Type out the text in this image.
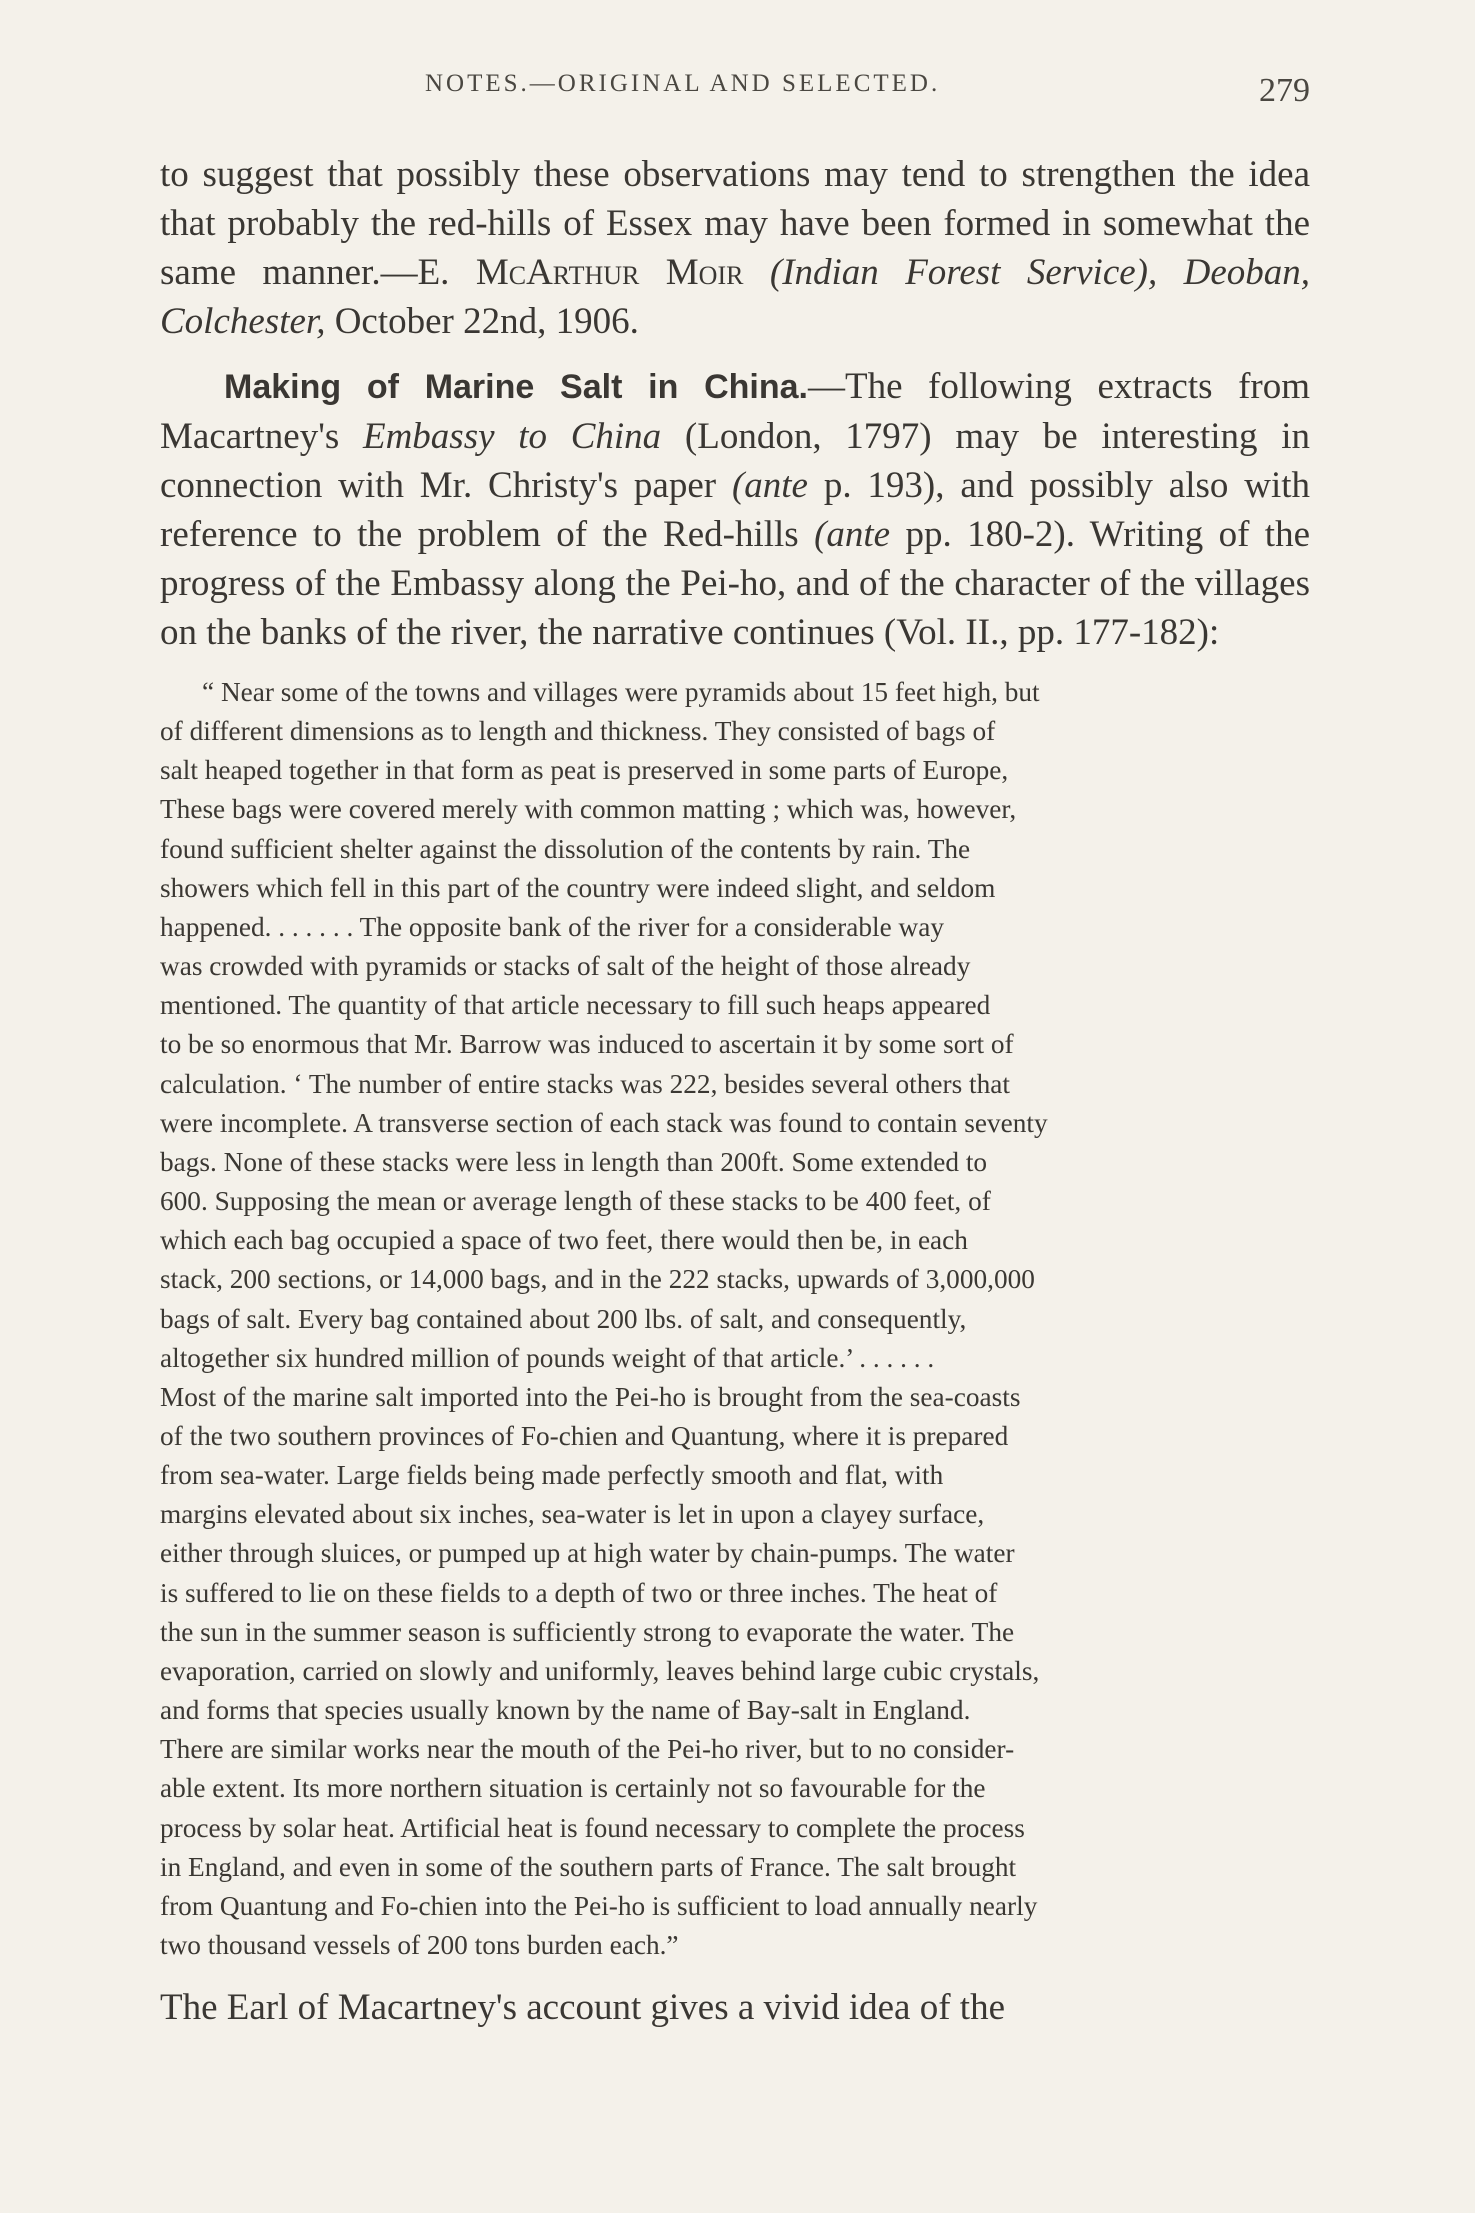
NOTES.—ORIGINAL AND SELECTED.	279

to suggest that possibly these observations may tend to strengthen the idea that probably the red-hills of Essex may have been formed in somewhat the same manner.—E. McArthur Moir (Indian Forest Service), Deoban, Colchester, October 22nd, 1906.

Making of Marine Salt in China.—The following extracts from Macartney's Embassy to China (London, 1797) may be interesting in connection with Mr. Christy's paper (ante p. 193), and possibly also with reference to the problem of the Red-hills (ante pp. 180-2). Writing of the progress of the Embassy along the Pei-ho, and of the character of the villages on the banks of the river, the narrative continues (Vol. II., pp. 177-182):

“ Near some of the towns and villages were pyramids about 15 feet high, but
of different dimensions as to length and thickness. They consisted of bags of
salt heaped together in that form as peat is preserved in some parts of Europe,
These bags were covered merely with common matting ; which was, however,
found sufficient shelter against the dissolution of the contents by rain. The
showers which fell in this part of the country were indeed slight, and seldom
happened. . . . . . . The opposite bank of the river for a considerable way
was crowded with pyramids or stacks of salt of the height of those already
mentioned. The quantity of that article necessary to fill such heaps appeared
to be so enormous that Mr. Barrow was induced to ascertain it by some sort of
calculation. ‘ The number of entire stacks was 222, besides several others that
were incomplete. A transverse section of each stack was found to contain seventy
bags. None of these stacks were less in length than 200ft. Some extended to
600. Supposing the mean or average length of these stacks to be 400 feet, of
which each bag occupied a space of two feet, there would then be, in each
stack, 200 sections, or 14,000 bags, and in the 222 stacks, upwards of 3,000,000
bags of salt. Every bag contained about 200 lbs. of salt, and consequently,
altogether six hundred million of pounds weight of that article.’ . . . . . .
Most of the marine salt imported into the Pei-ho is brought from the sea-coasts
of the two southern provinces of Fo-chien and Quantung, where it is prepared
from sea-water. Large fields being made perfectly smooth and flat, with
margins elevated about six inches, sea-water is let in upon a clayey surface,
either through sluices, or pumped up at high water by chain-pumps. The water
is suffered to lie on these fields to a depth of two or three inches. The heat of
the sun in the summer season is sufficiently strong to evaporate the water. The
evaporation, carried on slowly and uniformly, leaves behind large cubic crystals,
and forms that species usually known by the name of Bay-salt in England.
There are similar works near the mouth of the Pei-ho river, but to no consider-
able extent. Its more northern situation is certainly not so favourable for the
process by solar heat. Artificial heat is found necessary to complete the process
in England, and even in some of the southern parts of France. The salt brought
from Quantung and Fo-chien into the Pei-ho is sufficient to load annually nearly
two thousand vessels of 200 tons burden each.”

The Earl of Macartney's account gives a vivid idea of the
